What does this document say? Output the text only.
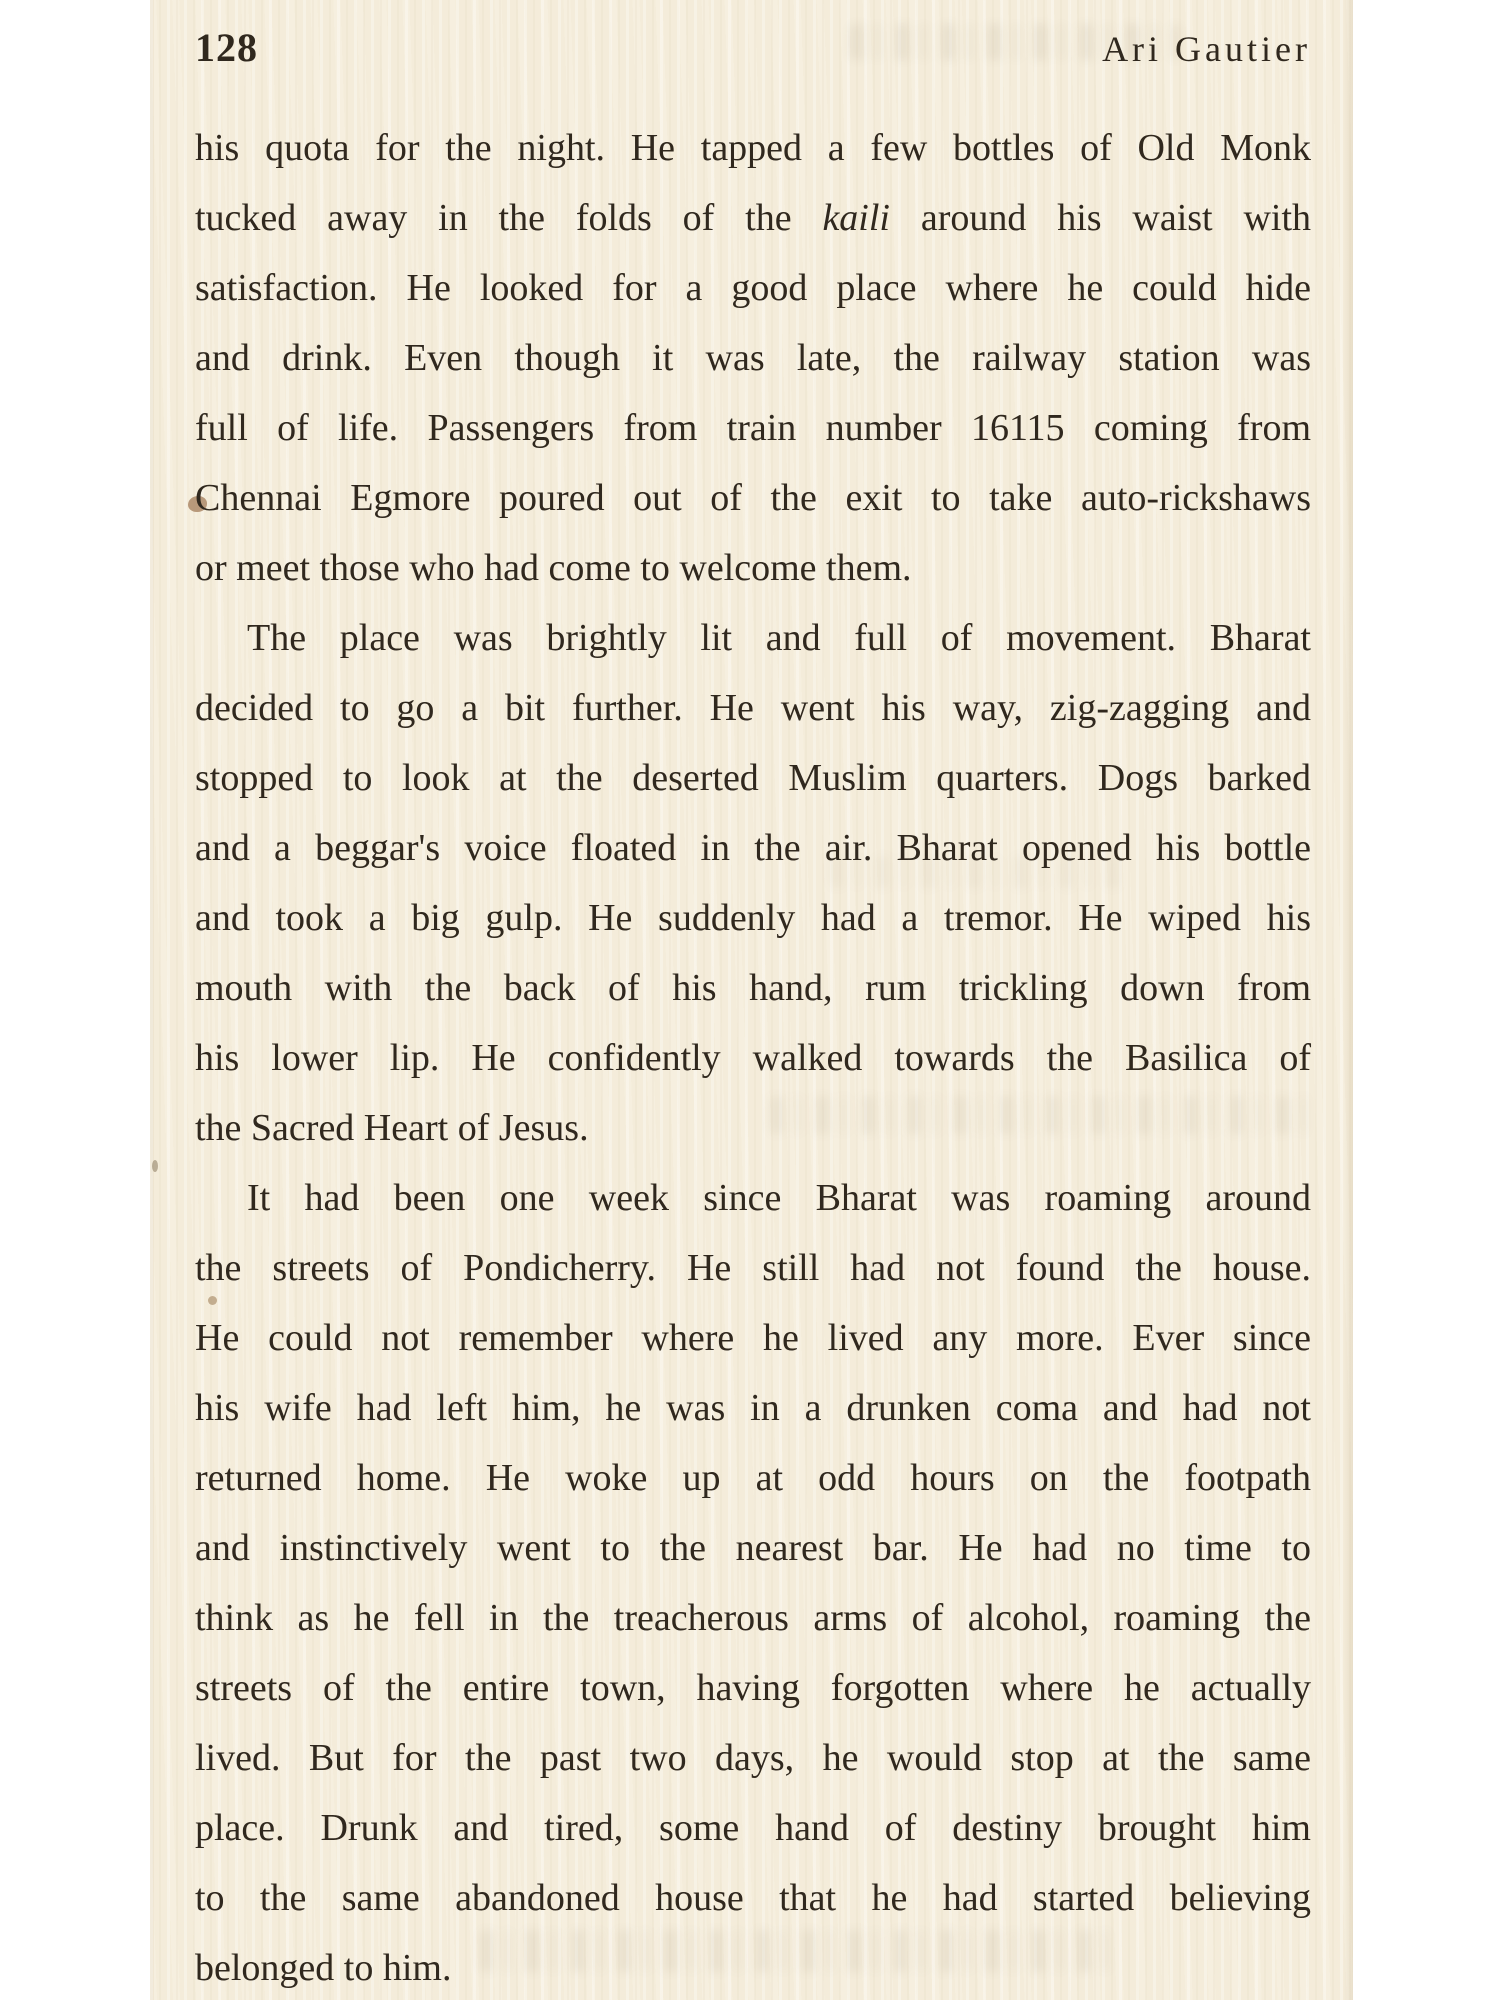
128	Ari Gautier
his quota for the night. He tapped a few bottles of Old Monk
tucked away in the folds of the kaili around his waist with
satisfaction. He looked for a good place where he could hide
and drink. Even though it was late, the railway station was
full of life. Passengers from train number 16115 coming from
Chennai Egmore poured out of the exit to take auto-rickshaws
or meet those who had come to welcome them.
The place was brightly lit and full of movement. Bharat
decided to go a bit further. He went his way, zig-zagging and
stopped to look at the deserted Muslim quarters. Dogs barked
and a beggar's voice floated in the air. Bharat opened his bottle
and took a big gulp. He suddenly had a tremor. He wiped his
mouth with the back of his hand, rum trickling down from
his lower lip. He confidently walked towards the Basilica of
the Sacred Heart of Jesus.
It had been one week since Bharat was roaming around
the streets of Pondicherry. He still had not found the house.
He could not remember where he lived any more. Ever since
his wife had left him, he was in a drunken coma and had not
returned home. He woke up at odd hours on the footpath
and instinctively went to the nearest bar. He had no time to
think as he fell in the treacherous arms of alcohol, roaming the
streets of the entire town, having forgotten where he actually
lived. But for the past two days, he would stop at the same
place. Drunk and tired, some hand of destiny brought him
to the same abandoned house that he had started believing
belonged to him.
